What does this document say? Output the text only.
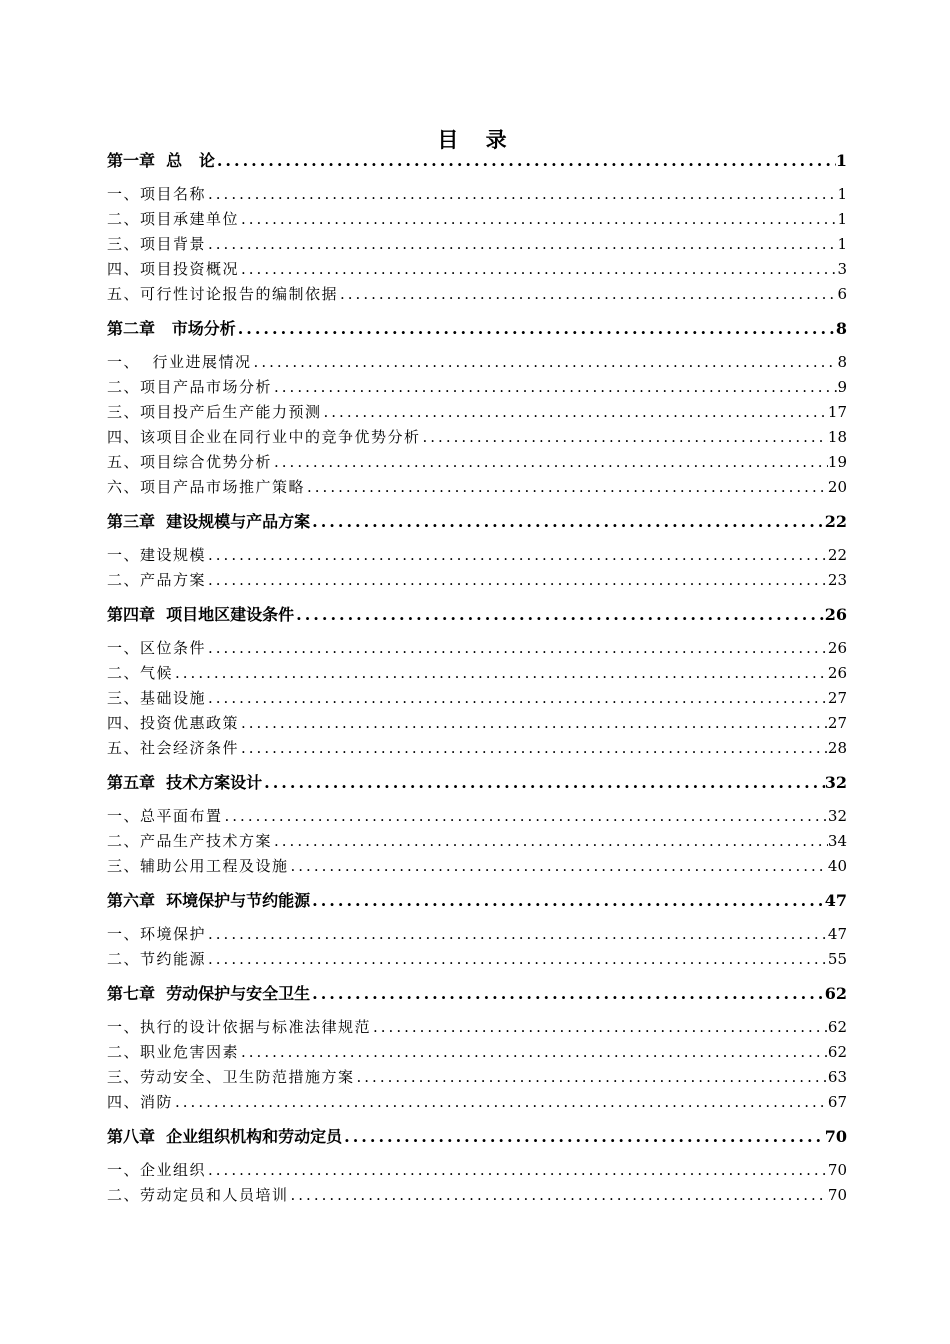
目 录
第一章  总   论 .....	1
一、项目名称 .....	1
二、项目承建单位 .....	1
三、项目背景 .....	1
四、项目投资概况 .....	3
五、可行性讨论报告的编制依据 .....	6
第二章   市场分析 .....	8
一、  行业进展情况 .....	8
二、项目产品市场分析 .....	9
三、项目投产后生产能力预测 .....	17
四、该项目企业在同行业中的竞争优势分析 .....	18
五、项目综合优势分析 .....	19
六、项目产品市场推广策略 .....	20
第三章  建设规模与产品方案 .....	22
一、建设规模 .....	22
二、产品方案 .....	23
第四章  项目地区建设条件 .....	26
一、区位条件 .....	26
二、气候 .....	26
三、基础设施 .....	27
四、投资优惠政策 .....	27
五、社会经济条件 .....	28
第五章  技术方案设计 .....	32
一、总平面布置 .....	32
二、产品生产技术方案 .....	34
三、辅助公用工程及设施 .....	40
第六章  环境保护与节约能源 .....	47
一、环境保护 .....	47
二、节约能源 .....	55
第七章  劳动保护与安全卫生 .....	62
一、执行的设计依据与标准法律规范 .....	62
二、职业危害因素 .....	62
三、劳动安全、卫生防范措施方案 .....	63
四、消防 .....	67
第八章  企业组织机构和劳动定员 .....	70
一、企业组织 .....	70
二、劳动定员和人员培训 .....	70
